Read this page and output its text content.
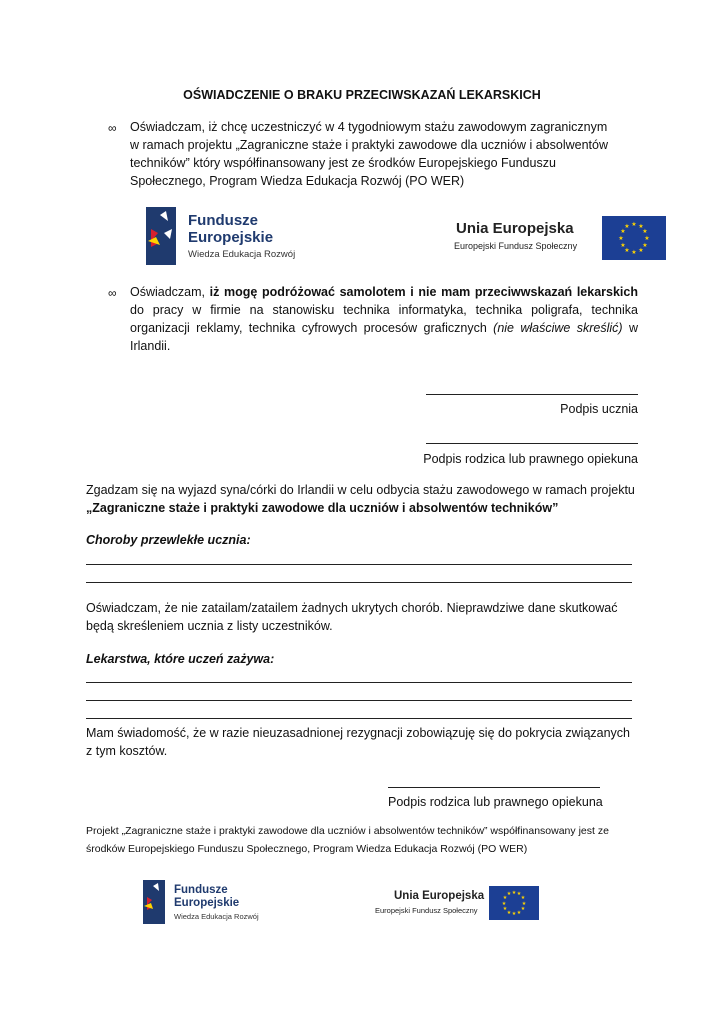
OŚWIADCZENIE O BRAKU PRZECIWSKAZAŃ LEKARSKICH
∞ Oświadczam, iż chcę uczestniczyć w 4 tygodniowym stażu zawodowym zagranicznym w ramach projektu „Zagraniczne staże i praktyki zawodowe dla uczniów i absolwentów techników” który współfinansowany jest ze środków Europejskiego Funduszu Społecznego, Program Wiedza Edukacja Rozwój (PO WER)
Fundusze
Europejskie
Wiedza Edukacja Rozwój
Unia Europejska
Europejski Fundusz Społeczny
★ ★
★
★
★
★
★
★
★
★
★
★
∞ Oświadczam, iż mogę podróżować samolotem i nie mam przeciwwskazań lekarskich do pracy w firmie na stanowisku technika informatyka, technika poligrafa, technika organizacji reklamy, technika cyfrowych procesów graficznych (nie właściwe skreślić) w Irlandii.
Podpis ucznia
Podpis rodzica lub prawnego opiekuna
Zgadzam się na wyjazd syna/córki do Irlandii w celu odbycia stażu zawodowego w ramach projektu
„Zagraniczne staże i praktyki zawodowe dla uczniów i absolwentów techników”
Choroby przewlekłe ucznia:
Oświadczam, że nie zatailam/zatailem żadnych ukrytych chorób. Nieprawdziwe dane skutkować będą skreśleniem ucznia z listy uczestników.
Lekarstwa, które uczeń zażywa:
Mam świadomość, że w razie nieuzasadnionej rezygnacji zobowiązuję się do pokrycia związanych z tym kosztów.
Podpis rodzica lub prawnego opiekuna
Projekt „Zagraniczne staże i praktyki zawodowe dla uczniów i absolwentów techników” współfinansowany jest ze środków Europejskiego Funduszu Społecznego, Program Wiedza Edukacja Rozwój (PO WER)
Fundusze
Europejskie
Wiedza Edukacja Rozwój
Unia Europejska
Europejski Fundusz Społeczny
★ ★
★
★
★
★
★
★
★
★
★
★
